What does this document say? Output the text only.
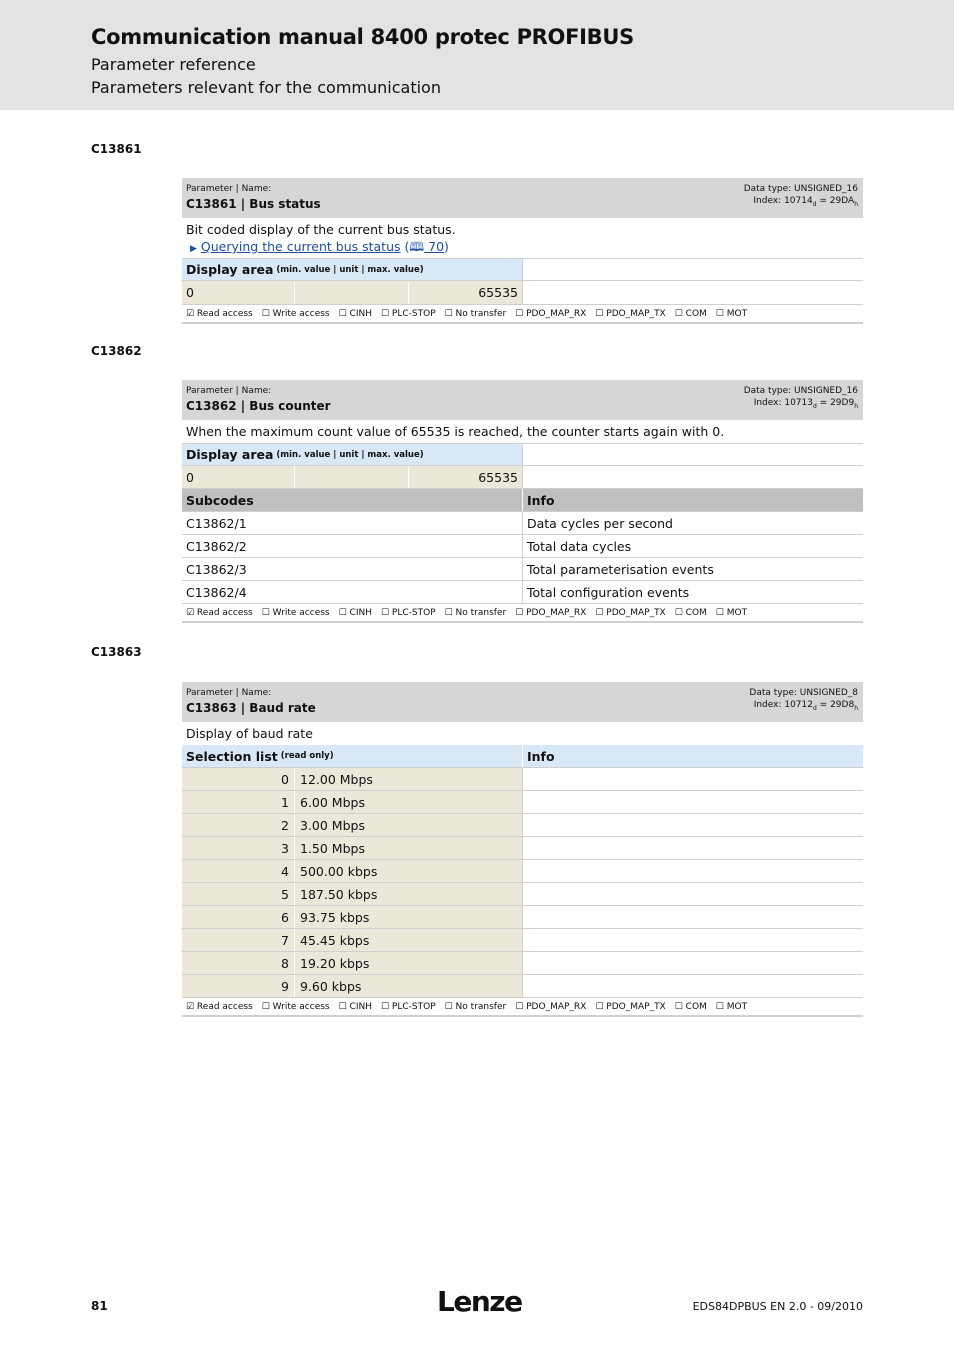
Communication manual 8400 protec PROFIBUS
Parameter reference
Parameters relevant for the communication
C13861
Parameter | Name:
C13861 | Bus status
Data type: UNSIGNED_16
Index: $10714_d = 29DA_h$
Bit coded display of the current bus status.
▶ Querying the current bus status (🕮 70)
Display area (min. value | unit | max. value)
0	65535
☑ Read access ☐ Write access ☐ CINH ☐ PLC-STOP ☐ No transfer ☐ PDO_MAP_RX ☐ PDO_MAP_TX ☐ COM ☐ MOT
C13862
Parameter | Name:
C13862 | Bus counter
Data type: UNSIGNED_16
Index: $10713_d = 29D9_h$
When the maximum count value of 65535 is reached, the counter starts again with 0.
Display area (min. value | unit | max. value)
0	65535
Subcodes	Info
C13862/1	Data cycles per second
C13862/2	Total data cycles
C13862/3	Total parameterisation events
C13862/4	Total configuration events
☑ Read access ☐ Write access ☐ CINH ☐ PLC-STOP ☐ No transfer ☐ PDO_MAP_RX ☐ PDO_MAP_TX ☐ COM ☐ MOT
C13863
Parameter | Name:
C13863 | Baud rate
Data type: UNSIGNED_8
Index: $10712_d = 29D8_h$
Display of baud rate
Selection list (read only)	Info
0 12.00 Mbps
1 6.00 Mbps
2 3.00 Mbps
3 1.50 Mbps
4 500.00 kbps
5 187.50 kbps
6 93.75 kbps
7 45.45 kbps
8 19.20 kbps
9 9.60 kbps
☑ Read access ☐ Write access ☐ CINH ☐ PLC-STOP ☐ No transfer ☐ PDO_MAP_RX ☐ PDO_MAP_TX ☐ COM ☐ MOT
81	Lenze	EDS84DPBUS EN 2.0 - 09/2010
